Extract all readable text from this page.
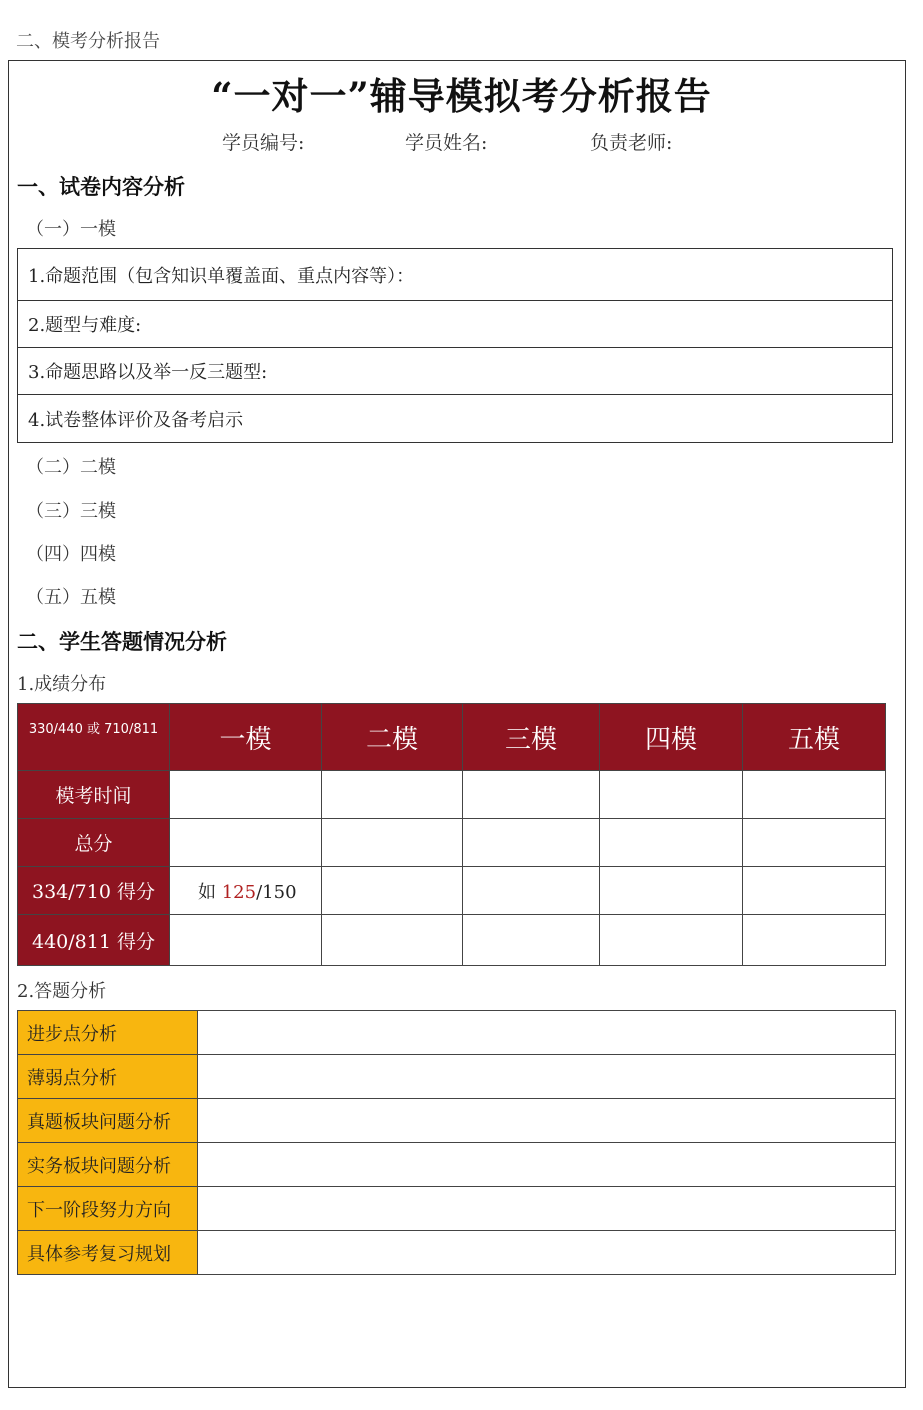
二、模考分析报告
“一对一”辅导模拟考分析报告
学员编号:	学员姓名:	负责老师:
一、试卷内容分析
（一）一模
1.命题范围（包含知识单覆盖面、重点内容等）：
2.题型与难度:
3.命题思路以及举一反三题型:
4.试卷整体评价及备考启示
（二）二模
（三）三模
（四）四模
（五）五模
二、学生答题情况分析
1.成绩分布
330/440 或 710/811	一模	二模	三模	四模	五模
模考时间					
总分					
334/710 得分	如 125/150				
440/811 得分					
2.答题分析
进步点分析	
薄弱点分析	
真题板块问题分析	
实务板块问题分析	
下一阶段努力方向	
具体参考复习规划	
